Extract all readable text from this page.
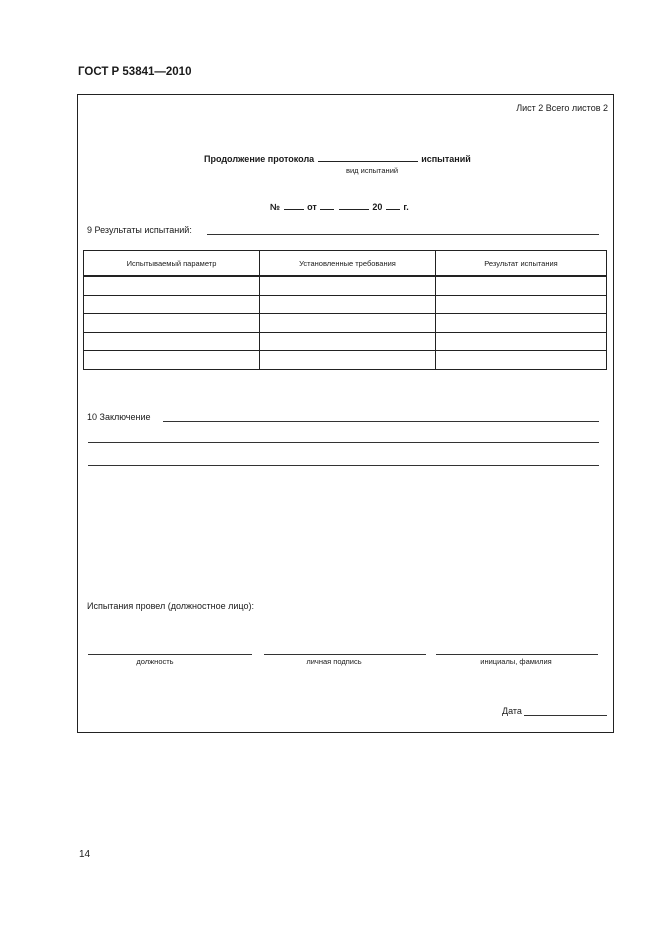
ГОСТ Р 53841—2010
Лист 2 Всего листов 2
Продолжение протокола	испытаний
вид испытаний
№	от	20 г.
9 Результаты испытаний:
Испытываемый параметр	Установленные требования	Результат испытания

10 Заключение
Испытания провел (должностное лицо):
должность	личная подпись	инициалы, фамилия
Дата
14
